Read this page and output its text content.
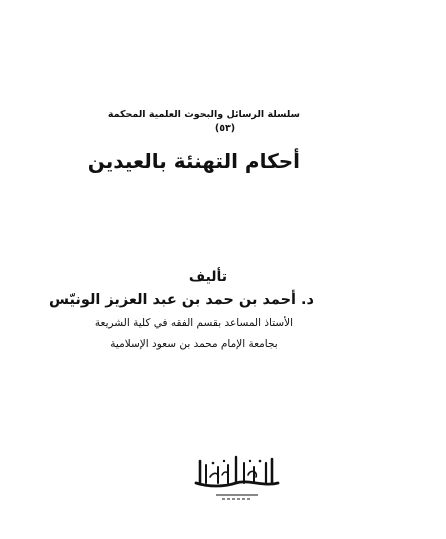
سلسلة الرسائل والبحوث العلمية المحكمة
(٥٣)
أحكام التهنئة بالعيدين
تأليف
د. أحمد بن حمد بن عبد العزيز الونيّس
الأستاذ المساعد بقسم الفقه في كلية الشريعة
بجامعة الإمام محمد بن سعود الإسلامية
